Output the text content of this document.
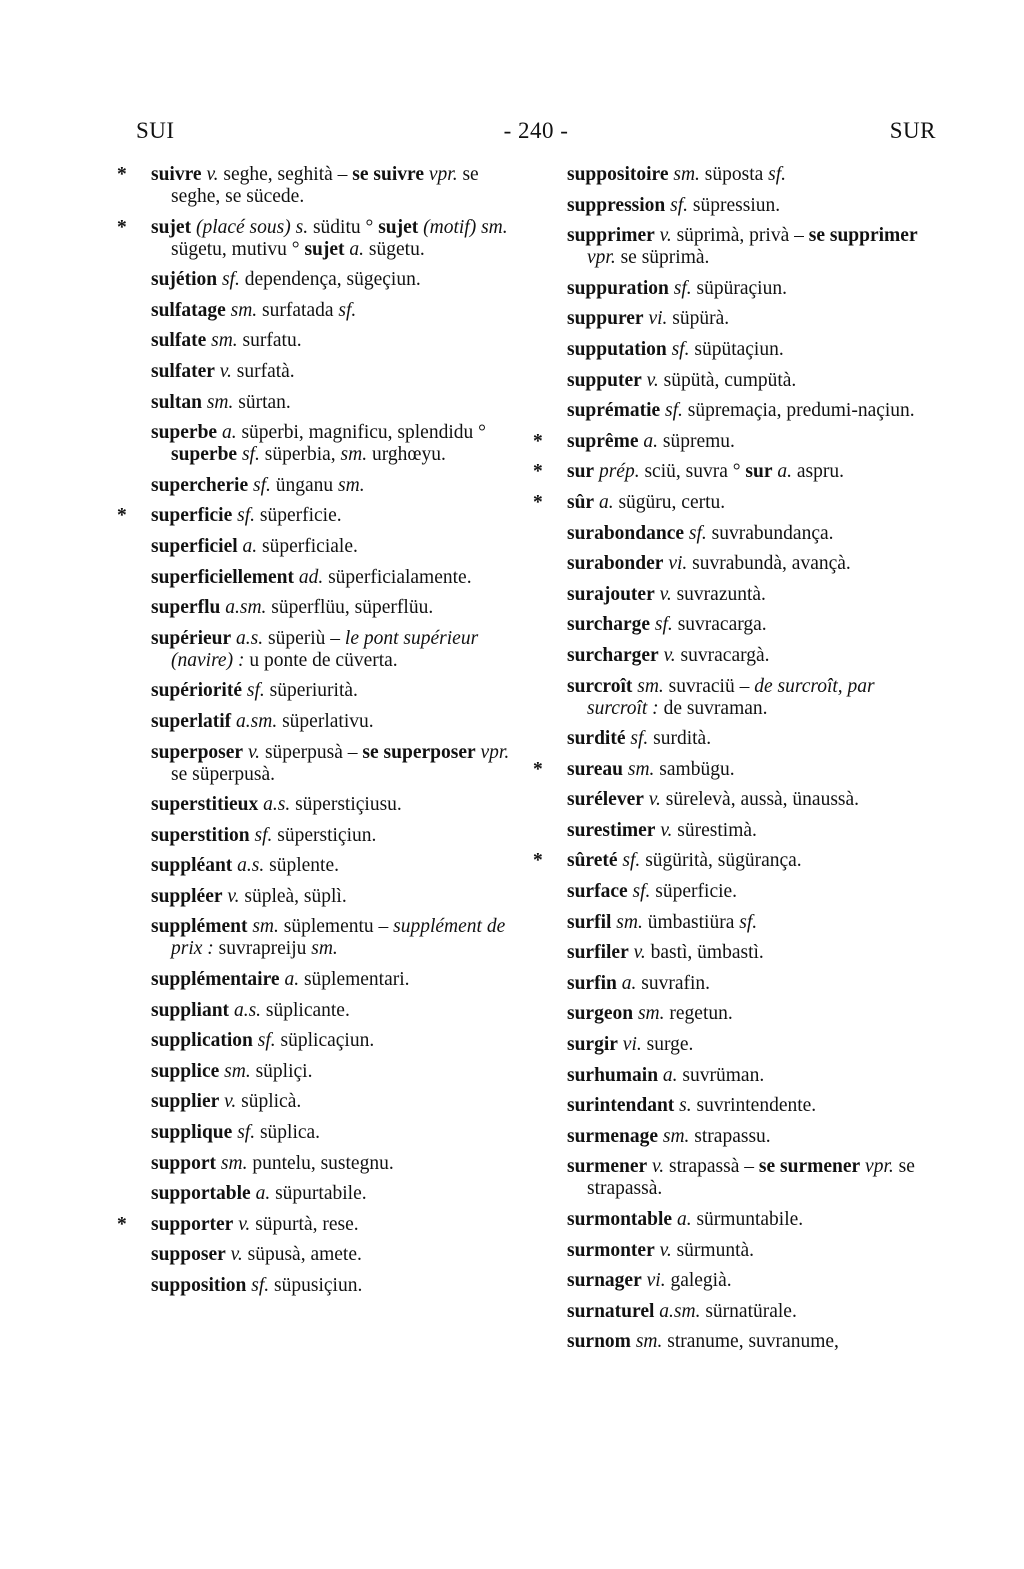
SUI	- 240 -	SUR
* suivre v. seghe, seghità – se suivre vpr. se seghe, se sücede.
* sujet (placé sous) s. süditu ° sujet (motif) sm. sügetu, mutivu ° sujet a. sügetu.
sujétion sf. dependença, sügeçiun.
sulfatage sm. surfatada sf.
sulfate sm. surfatu.
sulfater v. surfatà.
sultan sm. sürtan.
superbe a. süperbi, magnificu, splendidu ° superbe sf. süperbia, sm. urghœyu.
supercherie sf. ünganu sm.
* superficie sf. süperficie.
superficiel a. süperficiale.
superficiellement ad. süperficialamente.
superflu a.sm. süperflüu, süperflüu.
supérieur a.s. süperiù – le pont supérieur (navire) : u ponte de cüverta.
supériorité sf. süperiurità.
superlatif a.sm. süperlativu.
superposer v. süperpusà – se superposer vpr. se süperpusà.
superstitieux a.s. süperstiçiusu.
superstition sf. süperstiçiun.
suppléant a.s. süplente.
suppléer v. süpleà, süplì.
supplément sm. süplementu – supplément de prix : suvrapreiju sm.
supplémentaire a. süplementari.
suppliant a.s. süplicante.
supplication sf. süplicaçiun.
supplice sm. süpliçi.
supplier v. süplicà.
supplique sf. süplica.
support sm. puntelu, sustegnu.
supportable a. süpurtabile.
* supporter v. süpurtà, rese.
supposer v. süpusà, amete.
supposition sf. süpusiçiun.
suppositoire sm. süposta sf.
suppression sf. süpressiun.
supprimer v. süprimà, privà – se supprimer vpr. se süprimà.
suppuration sf. süpüraçiun.
suppurer vi. süpürà.
supputation sf. süpütaçiun.
supputer v. süpütà, cumpütà.
suprématie sf. süpremaçia, predumi-naçiun.
* suprême a. süpremu.
* sur prép. sciü, suvra ° sur a. aspru.
* sûr a. sügüru, certu.
surabondance sf. suvrabundança.
surabonder vi. suvrabundà, avançà.
surajouter v. suvrazuntà.
surcharge sf. suvracarga.
surcharger v. suvracargà.
surcroît sm. suvraciü – de surcroît, par surcroît : de suvraman.
surdité sf. surdità.
* sureau sm. sambügu.
surélever v. sürelevà, aussà, ünaussà.
surestimer v. sürestimà.
* sûreté sf. sügürità, sügürança.
surface sf. süperficie.
surfil sm. ümbastiüra sf.
surfiler v. bastì, ümbastì.
surfin a. suvrafin.
surgeon sm. regetun.
surgir vi. surge.
surhumain a. suvrüman.
surintendant s. suvrintendente.
surmenage sm. strapassu.
surmener v. strapassà – se surmener vpr. se strapassà.
surmontable a. sürmuntabile.
surmonter v. sürmuntà.
surnager vi. galegià.
surnaturel a.sm. sürnatürale.
surnom sm. stranume, suvranume,
